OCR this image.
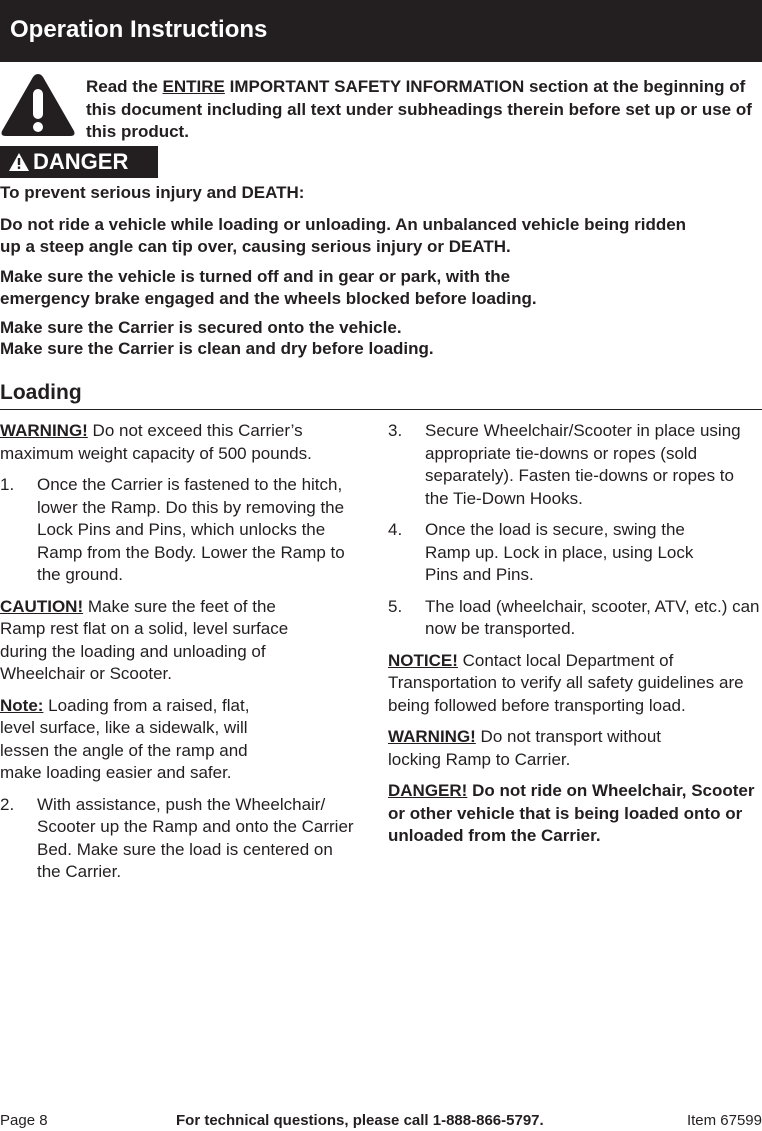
Operation Instructions
Read the ENTIRE IMPORTANT SAFETY INFORMATION section at the beginning of this document including all text under subheadings therein before set up or use of this product.
DANGER
To prevent serious injury and DEATH:
Do not ride a vehicle while loading or unloading. An unbalanced vehicle being ridden up a steep angle can tip over, causing serious injury or DEATH.
Make sure the vehicle is turned off and in gear or park, with the emergency brake engaged and the wheels blocked before loading.
Make sure the Carrier is secured onto the vehicle.
Make sure the Carrier is clean and dry before loading.
Loading

WARNING! Do not exceed this Carrier’s maximum weight capacity of 500 pounds.

1.	Once the Carrier is fastened to the hitch, lower the Ramp. Do this by removing the Lock Pins and Pins, which unlocks the Ramp from the Body. Lower the Ramp to the ground.

CAUTION! Make sure the feet of the Ramp rest flat on a solid, level surface during the loading and unloading of Wheelchair or Scooter.

Note: Loading from a raised, flat, level surface, like a sidewalk, will lessen the angle of the ramp and make loading easier and safer.

2.	With assistance, push the Wheelchair/ Scooter up the Ramp and onto the Carrier Bed. Make sure the load is centered on the Carrier.
3.	Secure Wheelchair/Scooter in place using appropriate tie-downs or ropes (sold separately). Fasten tie-downs or ropes to the Tie-Down Hooks.
4.	Once the load is secure, swing the Ramp up. Lock in place, using Lock Pins and Pins.
5.	The load (wheelchair, scooter, ATV, etc.) can now be transported.

NOTICE! Contact local Department of Transportation to verify all safety guidelines are being followed before transporting load.

WARNING! Do not transport without locking Ramp to Carrier.

DANGER! Do not ride on Wheelchair, Scooter or other vehicle that is being loaded onto or unloaded from the Carrier.

Page 8	For technical questions, please call 1-888-866-5797.	Item 67599
